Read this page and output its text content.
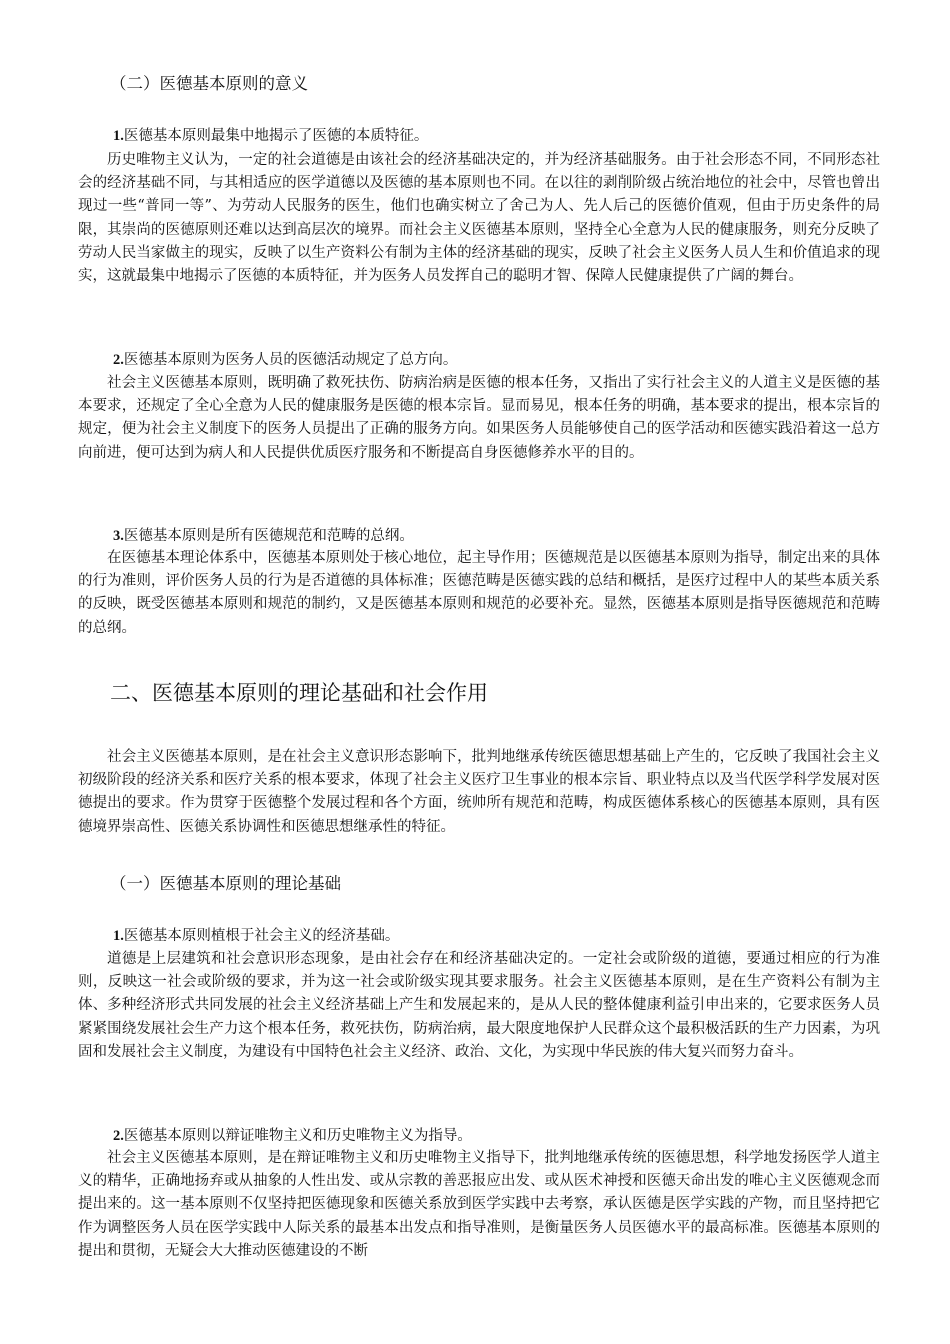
（二）医德基本原则的意义
1.医德基本原则最集中地揭示了医德的本质特征。

历史唯物主义认为，一定的社会道德是由该社会的经济基础决定的，并为经济基础服务。由于社会形态不同，不同形态社会的经济基础不同，与其相适应的医学道德以及医德的基本原则也不同。在以往的剥削阶级占统治地位的社会中，尽管也曾出现过一些“普同一等”、为劳动人民服务的医生，他们也确实树立了舍己为人、先人后己的医德价值观，但由于历史条件的局限，其崇尚的医德原则还难以达到高层次的境界。而社会主义医德基本原则，坚持全心全意为人民的健康服务，则充分反映了劳动人民当家做主的现实，反映了以生产资料公有制为主体的经济基础的现实，反映了社会主义医务人员人生和价值追求的现实，这就最集中地揭示了医德的本质特征，并为医务人员发挥自己的聪明才智、保障人民健康提供了广阔的舞台。

2.医德基本原则为医务人员的医德活动规定了总方向。

社会主义医德基本原则，既明确了救死扶伤、防病治病是医德的根本任务，又指出了实行社会主义的人道主义是医德的基本要求，还规定了全心全意为人民的健康服务是医德的根本宗旨。显而易见，根本任务的明确，基本要求的提出，根本宗旨的规定，便为社会主义制度下的医务人员提出了正确的服务方向。如果医务人员能够使自己的医学活动和医德实践沿着这一总方向前进，便可达到为病人和人民提供优质医疗服务和不断提高自身医德修养水平的目的。

3.医德基本原则是所有医德规范和范畴的总纲。

在医德基本理论体系中，医德基本原则处于核心地位，起主导作用；医德规范是以医德基本原则为指导，制定出来的具体的行为准则，评价医务人员的行为是否道德的具体标准；医德范畴是医德实践的总结和概括，是医疗过程中人的某些本质关系的反映，既受医德基本原则和规范的制约，又是医德基本原则和规范的必要补充。显然，医德基本原则是指导医德规范和范畴的总纲。

二、医德基本原则的理论基础和社会作用

社会主义医德基本原则，是在社会主义意识形态影响下，批判地继承传统医德思想基础上产生的，它反映了我国社会主义初级阶段的经济关系和医疗关系的根本要求，体现了社会主义医疗卫生事业的根本宗旨、职业特点以及当代医学科学发展对医德提出的要求。作为贯穿于医德整个发展过程和各个方面，统帅所有规范和范畴，构成医德体系核心的医德基本原则，具有医德境界崇高性、医德关系协调性和医德思想继承性的特征。

（一）医德基本原则的理论基础
1.医德基本原则植根于社会主义的经济基础。

道德是上层建筑和社会意识形态现象，是由社会存在和经济基础决定的。一定社会或阶级的道德，要通过相应的行为准则，反映这一社会或阶级的要求，并为这一社会或阶级实现其要求服务。社会主义医德基本原则，是在生产资料公有制为主体、多种经济形式共同发展的社会主义经济基础上产生和发展起来的，是从人民的整体健康利益引申出来的，它要求医务人员紧紧围绕发展社会生产力这个根本任务，救死扶伤，防病治病，最大限度地保护人民群众这个最积极活跃的生产力因素，为巩固和发展社会主义制度，为建设有中国特色社会主义经济、政治、文化，为实现中华民族的伟大复兴而努力奋斗。

2.医德基本原则以辩证唯物主义和历史唯物主义为指导。

社会主义医德基本原则，是在辩证唯物主义和历史唯物主义指导下，批判地继承传统的医德思想，科学地发扬医学人道主义的精华，正确地扬弃或从抽象的人性出发、或从宗教的善恶报应出发、或从医术神授和医德天命出发的唯心主义医德观念而提出来的。这一基本原则不仅坚持把医德现象和医德关系放到医学实践中去考察，承认医德是医学实践的产物，而且坚持把它作为调整医务人员在医学实践中人际关系的最基本出发点和指导准则，是衡量医务人员医德水平的最高标准。医德基本原则的提出和贯彻，无疑会大大推动医德建设的不断
